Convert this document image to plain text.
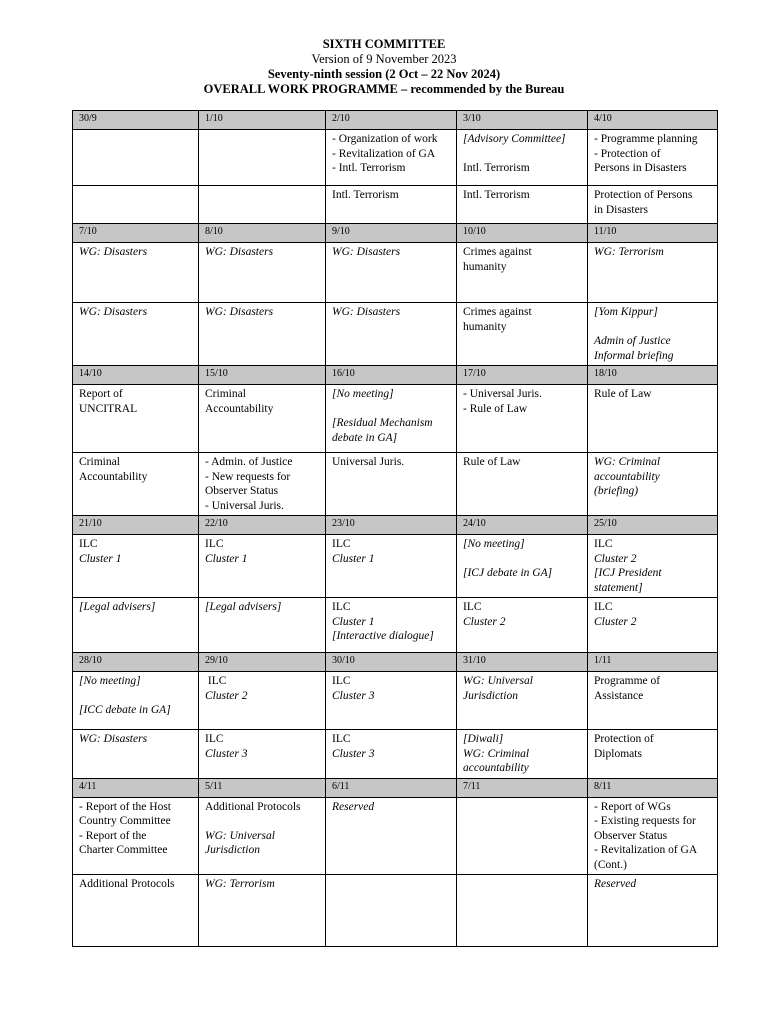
SIXTH COMMITTEE
Version of 9 November 2023
Seventy-ninth session (2 Oct – 22 Nov 2024)
OVERALL WORK PROGRAMME – recommended by the Bureau
30/9	1/10	2/10	3/10	4/10

		- Organization of work
- Revitalization of GA
- Intl. Terrorism	[Advisory Committee]
Intl. Terrorism	- Programme planning
- Protection of
Persons in Disasters

		Intl. Terrorism	Intl. Terrorism	Protection of Persons
in Disasters

7/10	8/10	9/10	10/10	11/10

WG: Disasters	WG: Disasters	WG: Disasters	Crimes against
humanity	WG: Terrorism

WG: Disasters	WG: Disasters	WG: Disasters	Crimes against
humanity	[Yom Kippur]
Admin of Justice
Informal briefing

14/10	15/10	16/10	17/10	18/10

Report of
UNCITRAL	Criminal
Accountability	[No meeting]
[Residual Mechanism
debate in GA]	- Universal Juris.
- Rule of Law	Rule of Law

Criminal
Accountability	- Admin. of Justice
- New requests for
Observer Status
- Universal Juris.	Universal Juris.	Rule of Law	WG: Criminal
accountability
(briefing)

21/10	22/10	23/10	24/10	25/10

ILC
Cluster 1	ILC
Cluster 1	ILC
Cluster 1	[No meeting]
[ICJ debate in GA]	ILC
Cluster 2
[ICJ President
statement]

[Legal advisers]	[Legal advisers]	ILC
Cluster 1
[Interactive dialogue]	ILC
Cluster 2	ILC
Cluster 2

28/10	29/10	30/10	31/10	1/11

[No meeting]
[ICC debate in GA]	ILC
Cluster 2	ILC
Cluster 3	WG: Universal
Jurisdiction	Programme of
Assistance

WG: Disasters	ILC
Cluster 3	ILC
Cluster 3	[Diwali]
WG: Criminal
accountability	Protection of
Diplomats

4/11	5/11	6/11	7/11	8/11

- Report of the Host
Country Committee
- Report of the
Charter Committee	Additional Protocols
WG: Universal
Jurisdiction	Reserved		- Report of WGs
- Existing requests for
Observer Status
- Revitalization of GA
(Cont.)

Additional Protocols	WG: Terrorism			Reserved
